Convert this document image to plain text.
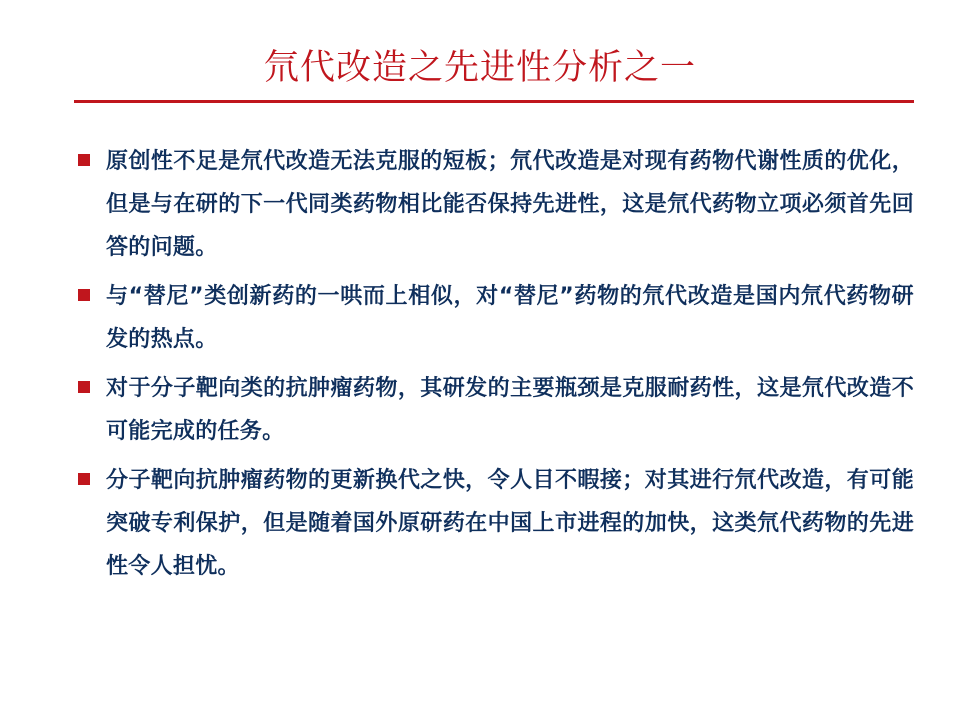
氘代改造之先进性分析之一
原创性不足是氘代改造无法克服的短板；氘代改造是对现有药物代谢性质的优化，但是与在研的下一代同类药物相比能否保持先进性，这是氘代药物立项必须首先回答的问题。
与“替尼”类创新药的一哄而上相似，对“替尼”药物的氘代改造是国内氘代药物研发的热点。
对于分子靶向类的抗肿瘤药物，其研发的主要瓶颈是克服耐药性，这是氘代改造不可能完成的任务。
分子靶向抗肿瘤药物的更新换代之快，令人目不暇接；对其进行氘代改造，有可能突破专利保护，但是随着国外原研药在中国上市进程的加快，这类氘代药物的先进性令人担忧。
